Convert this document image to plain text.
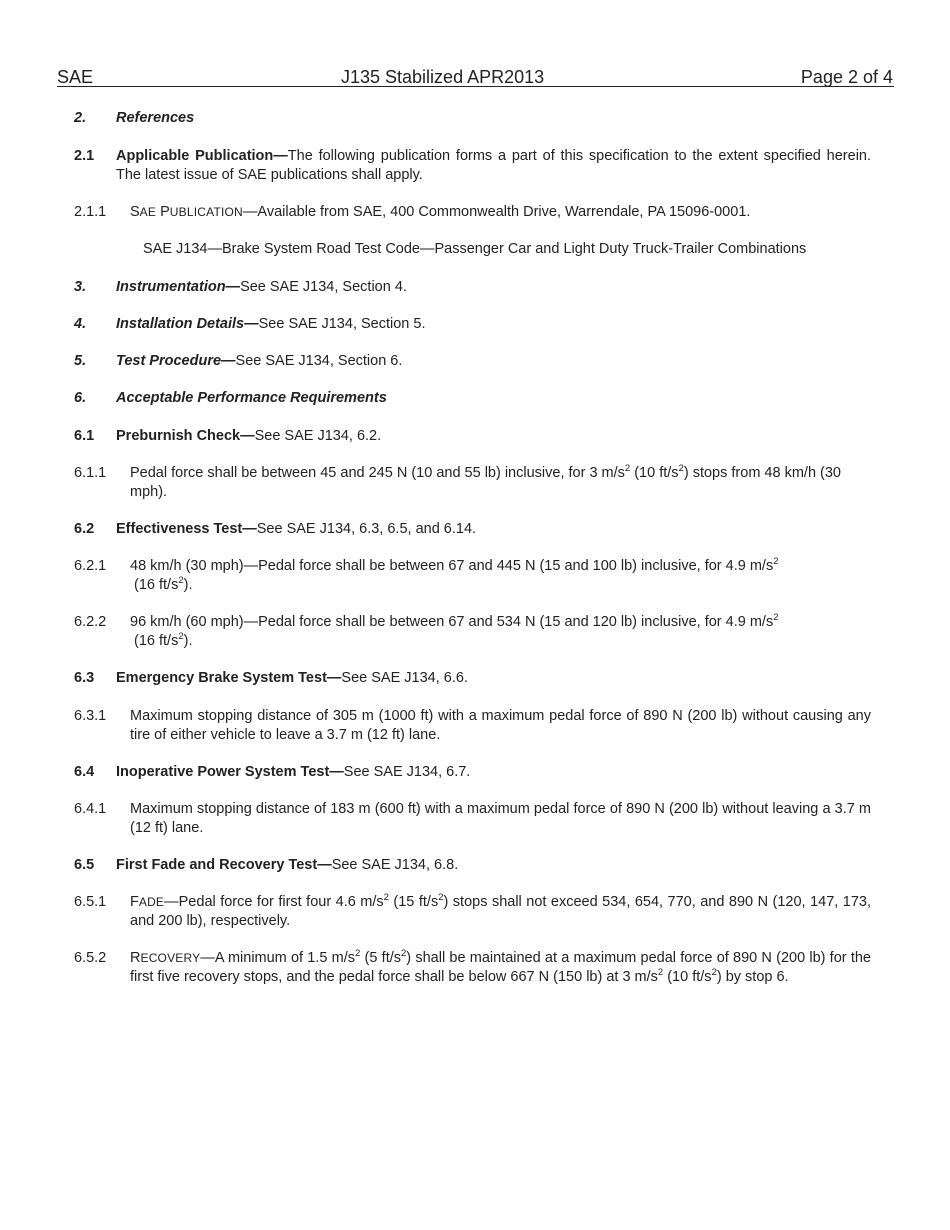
SAE	J135 Stabilized APR2013	Page 2 of 4
2. References
2.1 Applicable Publication—The following publication forms a part of this specification to the extent specified herein. The latest issue of SAE publications shall apply.
2.1.1 SAE PUBLICATION—Available from SAE, 400 Commonwealth Drive, Warrendale, PA 15096-0001.
SAE J134—Brake System Road Test Code—Passenger Car and Light Duty Truck-Trailer Combinations
3. Instrumentation—See SAE J134, Section 4.
4. Installation Details—See SAE J134, Section 5.
5. Test Procedure—See SAE J134, Section 6.
6. Acceptable Performance Requirements
6.1 Preburnish Check—See SAE J134, 6.2.
6.1.1 Pedal force shall be between 45 and 245 N (10 and 55 lb) inclusive, for 3 $m/s^2$ (10 $ft/s^2$) stops from 48 km/h (30 mph).
6.2 Effectiveness Test—See SAE J134, 6.3, 6.5, and 6.14.
6.2.1 48 km/h (30 mph)—Pedal force shall be between 67 and 445 N (15 and 100 lb) inclusive, for 4.9 $m/s^2$
(16 $ft/s^2$).
6.2.2 96 km/h (60 mph)—Pedal force shall be between 67 and 534 N (15 and 120 lb) inclusive, for 4.9 $m/s^2$
(16 $ft/s^2$).
6.3 Emergency Brake System Test—See SAE J134, 6.6.
6.3.1 Maximum stopping distance of 305 m (1000 ft) with a maximum pedal force of 890 N (200 lb) without causing any tire of either vehicle to leave a 3.7 m (12 ft) lane.
6.4 Inoperative Power System Test—See SAE J134, 6.7.
6.4.1 Maximum stopping distance of 183 m (600 ft) with a maximum pedal force of 890 N (200 lb) without leaving a 3.7 m (12 ft) lane.
6.5 First Fade and Recovery Test—See SAE J134, 6.8.
6.5.1 FADE—Pedal force for first four 4.6 $m/s^2$ (15 $ft/s^2$) stops shall not exceed 534, 654, 770, and 890 N (120, 147, 173, and 200 lb), respectively.
6.5.2 RECOVERY—A minimum of 1.5 $m/s^2$ (5 $ft/s^2$) shall be maintained at a maximum pedal force of 890 N (200 lb) for the first five recovery stops, and the pedal force shall be below 667 N (150 lb) at 3 $m/s^2$ (10 $ft/s^2$) by stop 6.
